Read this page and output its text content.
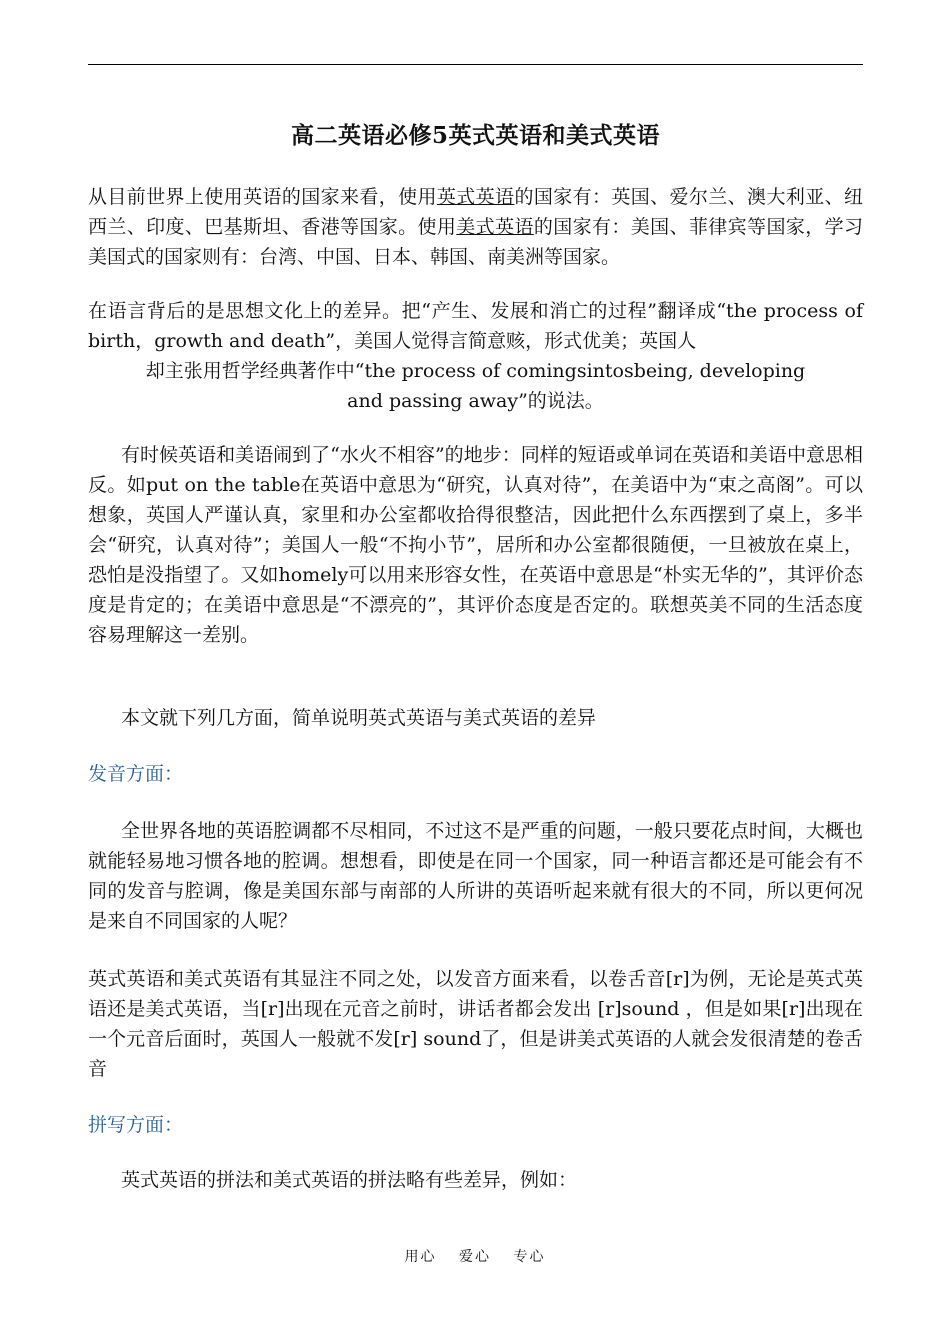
高二英语必修5英式英语和美式英语
从目前世界上使用英语的国家来看，使用英式英语的国家有：英国、爱尔兰、澳大利亚、纽西兰、印度、巴基斯坦、香港等国家。使用美式英语的国家有：美国、菲律宾等国家，学习美国式的国家则有：台湾、中国、日本、韩国、南美洲等国家。
在语言背后的是思想文化上的差异。把“产生、发展和消亡的过程”翻译成“the process of birth，growth and death”，美国人觉得言简意赅，形式优美；英国人
却主张用哲学经典著作中“the process of comingsintosbeing, developing
and passing away”的说法。
有时候英语和美语闹到了“水火不相容”的地步：同样的短语或单词在英语和美语中意思相反。如put on the table在英语中意思为“研究，认真对待”，在美语中为“束之高阁”。可以想象，英国人严谨认真，家里和办公室都收拾得很整洁，因此把什么东西摆到了桌上，多半会“研究，认真对待”；美国人一般“不拘小节”，居所和办公室都很随便，一旦被放在桌上，恐怕是没指望了。又如homely可以用来形容女性，在英语中意思是“朴实无华的”，其评价态度是肯定的；在美语中意思是“不漂亮的”，其评价态度是否定的。联想英美不同的生活态度容易理解这一差别。
本文就下列几方面，简单说明英式英语与美式英语的差异
发音方面：
全世界各地的英语腔调都不尽相同，不过这不是严重的问题，一般只要花点时间，大概也就能轻易地习惯各地的腔调。想想看，即使是在同一个国家，同一种语言都还是可能会有不同的发音与腔调，像是美国东部与南部的人所讲的英语听起来就有很大的不同，所以更何况是来自不同国家的人呢？
英式英语和美式英语有其显注不同之处，以发音方面来看，以卷舌音[r]为例，无论是英式英语还是美式英语，当[r]出现在元音之前时，讲话者都会发出 [r]sound ，但是如果[r]出现在一个元音后面时，英国人一般就不发[r] sound了，但是讲美式英语的人就会发很清楚的卷舌音
拼写方面：
英式英语的拼法和美式英语的拼法略有些差异，例如：
用心 爱心 专心
